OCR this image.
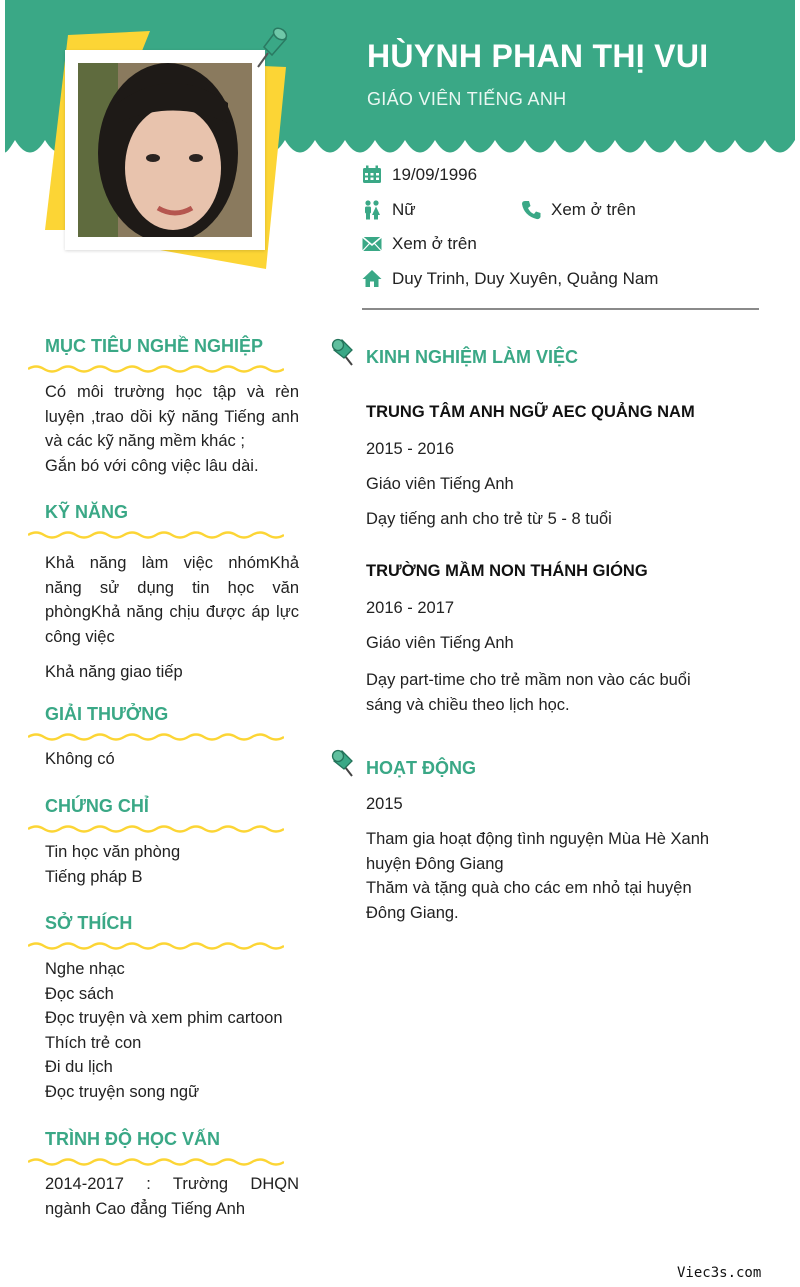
HÙYNH PHAN THỊ VUI
GIÁO VIÊN TIẾNG ANH
19/09/1996
Nữ	Xem ở trên
Xem ở trên
Duy Trinh, Duy Xuyên, Quảng Nam
MỤC TIÊU NGHỀ NGHIỆP
Có môi trường học tập và rèn
luyện ,trao dồi kỹ năng Tiếng anh
và các kỹ năng mềm khác ;
Gắn bó với công việc lâu dài.
KỸ NĂNG
Khả năng làm việc nhómKhả
năng sử dụng tin học văn
phòngKhả năng chịu được áp lực
công việc
Khả năng giao tiếp
GIẢI THƯỞNG
Không có
CHỨNG CHỈ
Tin học văn phòng
Tiếng pháp B
SỞ THÍCH
Nghe nhạc
Đọc sách
Đọc truyện và xem phim cartoon
Thích trẻ con
Đi du lịch
Đọc truyện song ngữ
TRÌNH ĐỘ HỌC VẤN
2014-2017 : Trường DHQN
ngành Cao đẳng Tiếng Anh
KINH NGHIỆM LÀM VIỆC
TRUNG TÂM ANH NGỮ AEC QUẢNG NAM
2015 - 2016
Giáo viên Tiếng Anh
Dạy tiếng anh cho trẻ từ 5 - 8 tuổi
TRƯỜNG MẦM NON THÁNH GIÓNG
2016 - 2017
Giáo viên Tiếng Anh
Dạy part-time cho trẻ mầm non vào các buổi
sáng và chiều theo lịch học.
HOẠT ĐỘNG
2015
Tham gia hoạt động tình nguyện Mùa Hè Xanh
huyện Đông Giang
Thăm và tặng quà cho các em nhỏ tại huyện
Đông Giang.
Viec3s.com
